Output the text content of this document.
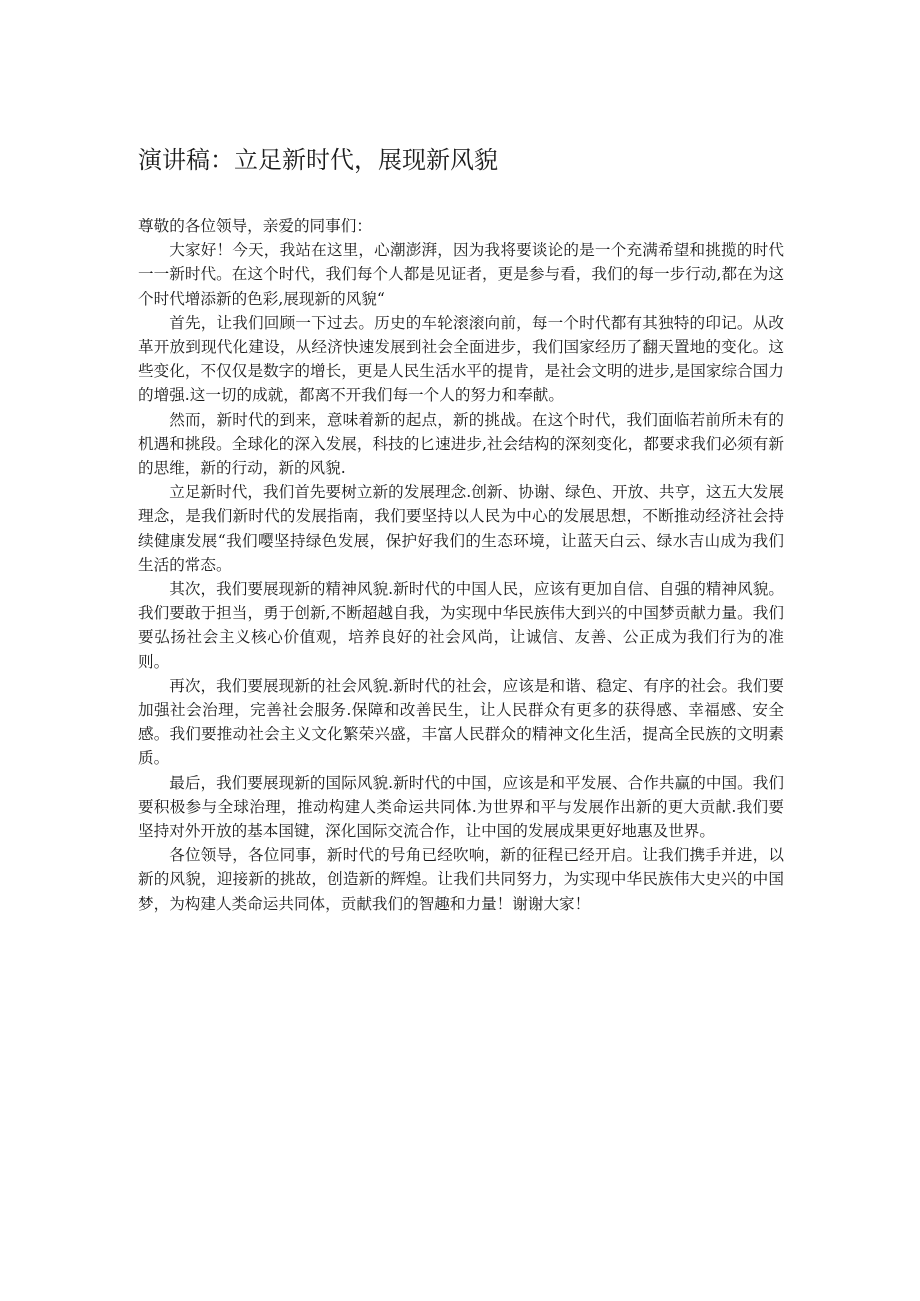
演讲稿：立足新时代，展现新风貌

尊敬的各位领导，亲爱的同事们：

大家好！今天，我站在这里，心潮澎湃，因为我将要谈论的是一个充满希望和挑揽的时代一一新时代。在这个时代，我们每个人都是见证者，更是参与看，我们的每一步行动,都在为这个时代增添新的色彩,展现新的风貌“

首先，让我们回顾一下过去。历史的车轮滚滚向前，每一个时代都有其独特的印记。从改革开放到现代化建设，从经济快速发展到社会全面进步，我们国家经历了翻天置地的变化。这些变化，不仅仅是数字的增长，更是人民生活水平的提肯，是社会文明的进步,是国家综合国力的增强.这一切的成就，都离不开我们每一个人的努力和奉献。

然而，新时代的到来，意味着新的起点，新的挑战。在这个时代，我们面临若前所未有的机遇和挑段。全球化的深入发展，科技的匕速进步,社会结构的深刻变化，都要求我们必须有新的思维，新的行动，新的风貌.

立足新时代，我们首先要树立新的发展理念.创新、协谢、绿色、开放、共亨，这五大发展理念，是我们新时代的发展指南，我们要坚持以人民为中心的发展思想，不断推动经济社会持续健康发展“我们嘤坚持绿色发展，保护好我们的生态环境，让蓝天白云、绿水吉山成为我们生活的常态。

其次，我们要展现新的精神风貌.新时代的中国人民，应该有更加自信、自强的精神风貌。我们要敢于担当，勇于创新,不断超越自我，为实现中华民族伟大到兴的中国梦贡献力量。我们要弘扬社会主义核心价值观，培养良好的社会风尚，让诚信、友善、公正成为我们行为的准则。

再次，我们要展现新的社会风貌.新时代的社会，应该是和谐、稳定、有序的社会。我们要加强社会治理，完善社会服务.保障和改善民生，让人民群众有更多的获得感、幸福感、安全感。我们要推动社会主义文化繁荣兴盛，丰富人民群众的精神文化生活，提高全民族的文明素质。

最后，我们要展现新的国际风貌.新时代的中国，应该是和平发展、合作共赢的中国。我们要积极参与全球治理，推动构建人类命运共同体.为世界和平与发展作出新的更大贡献.我们要坚持对外开放的基本国键，深化国际交流合作，让中国的发展成果更好地惠及世界。

各位领导，各位同事，新时代的号角已经吹响，新的征程已经开启。让我们携手并进，以新的风貌，迎接新的挑故，创造新的辉煌。让我们共同努力，为实现中华民族伟大史兴的中国梦，为构建人类命运共同体，贡献我们的智趣和力量！谢谢大家！
